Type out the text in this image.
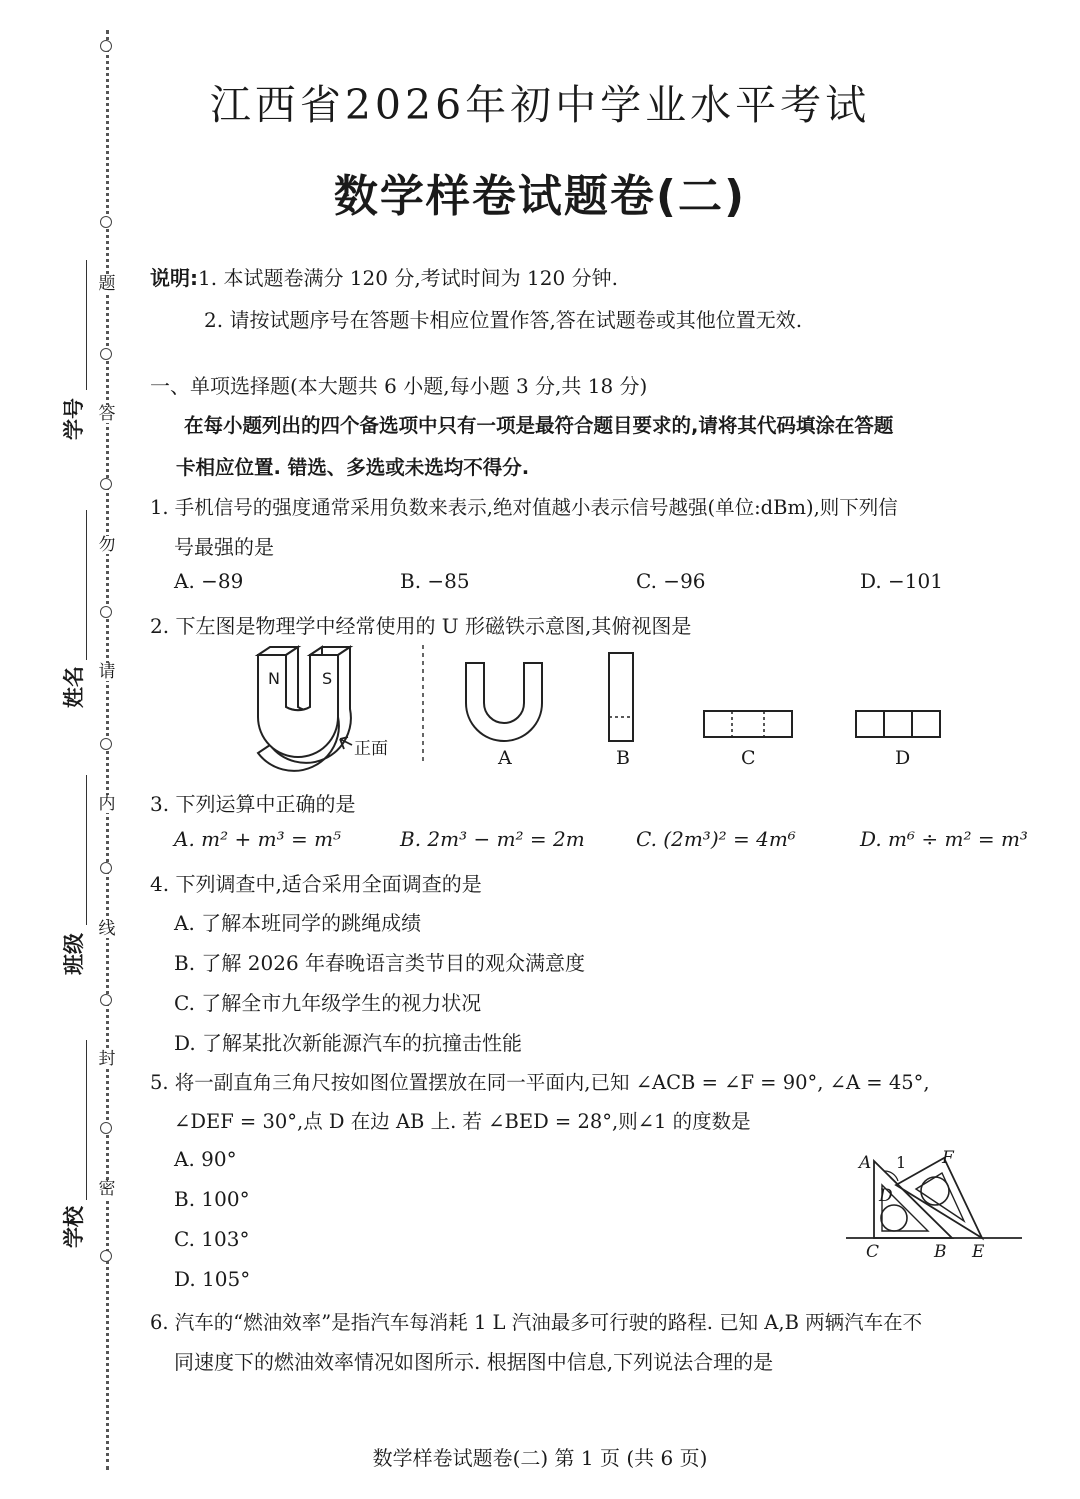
题
答
勿
请
内
线
封
密
学号
姓名
班级
学校
江西省2026年初中学业水平考试
数学样卷试题卷(二)
说明:1. 本试题卷满分 120 分,考试时间为 120 分钟.
2. 请按试题序号在答题卡相应位置作答,答在试题卷或其他位置无效.
一、单项选择题(本大题共 6 小题,每小题 3 分,共 18 分)
在每小题列出的四个备选项中只有一项是最符合题目要求的,请将其代码填涂在答题
卡相应位置. 错选、多选或未选均不得分.
1. 手机信号的强度通常采用负数来表示,绝对值越小表示信号越强(单位:dBm),则下列信
号最强的是
A. −89	B. −85	C. −96	D. −101
2. 下左图是物理学中经常使用的 U 形磁铁示意图,其俯视图是
N	S
正面	A	B	C	D
3. 下列运算中正确的是
A. m² + m³ = m⁵	B. 2m³ − m² = 2m	C. (2m³)² = 4m⁶	D. m⁶ ÷ m² = m³
4. 下列调查中,适合采用全面调查的是
A. 了解本班同学的跳绳成绩
B. 了解 2026 年春晚语言类节目的观众满意度
C. 了解全市九年级学生的视力状况
D. 了解某批次新能源汽车的抗撞击性能
5. 将一副直角三角尺按如图位置摆放在同一平面内,已知 ∠ACB = ∠F = 90°, ∠A = 45°,
∠DEF = 30°,点 D 在边 AB 上. 若 ∠BED = 28°,则∠1 的度数是
A. 90°
B. 100°
C. 103°
D. 105°
A 1 F
D
C	B E
6. 汽车的“燃油效率”是指汽车每消耗 1 L 汽油最多可行驶的路程. 已知 A,B 两辆汽车在不
同速度下的燃油效率情况如图所示. 根据图中信息,下列说法合理的是
数学样卷试题卷(二) 第 1 页 (共 6 页)
